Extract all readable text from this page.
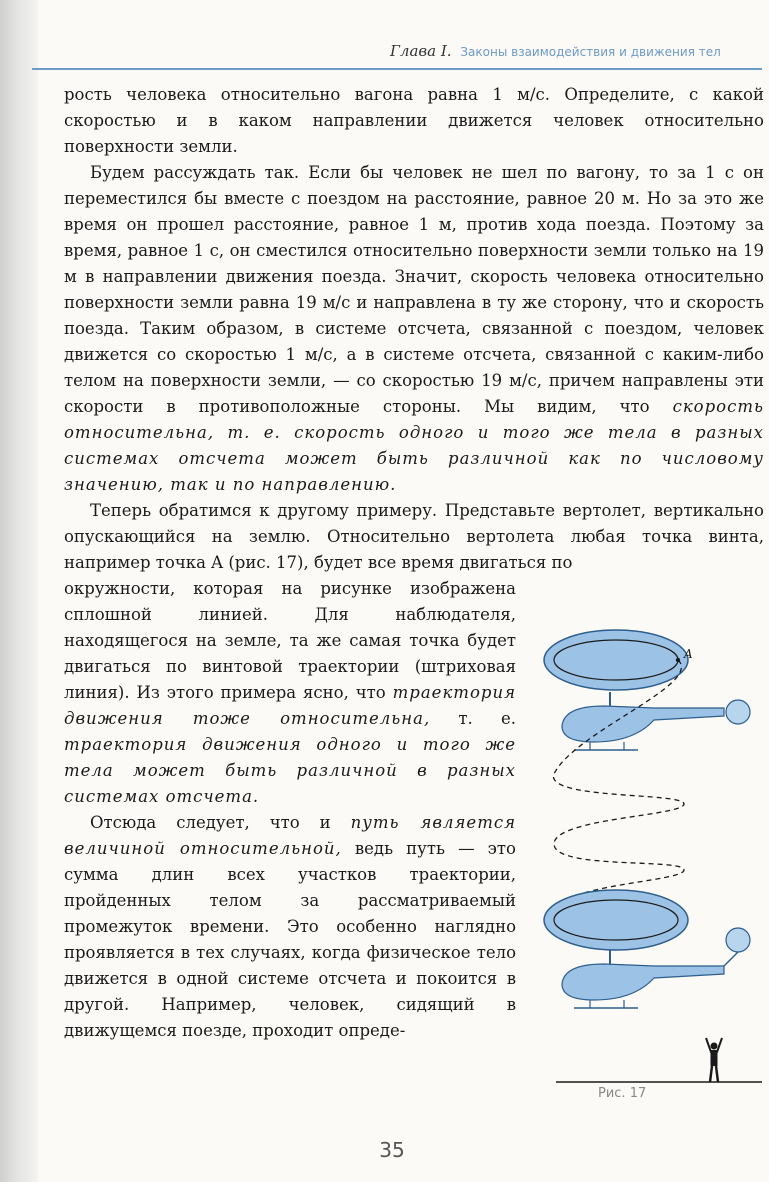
Глава I. Законы взаимодействия и движения тел

рость человека относительно вагона равна 1 м/с. Определите, с какой скоростью и в каком направлении движется человек относительно поверхности земли.

Будем рассуждать так. Если бы человек не шел по вагону, то за 1 с он переместился бы вместе с поездом на расстояние, равное 20 м. Но за это же время он прошел расстояние, равное 1 м, против хода поезда. Поэтому за время, равное 1 с, он сместился относительно поверхности земли только на 19 м в направлении движения поезда. Значит, скорость человека относительно поверхности земли равна 19 м/с и направлена в ту же сторону, что и скорость поезда. Таким образом, в системе отсчета, связанной с поездом, человек движется со скоростью 1 м/с, а в системе отсчета, связанной с каким-либо телом на поверхности земли, — со скоростью 19 м/с, причем направлены эти скорости в противоположные стороны. Мы видим, что скорость относительна, т. е. скорость одного и того же тела в разных системах отсчета может быть различной как по числовому значению, так и по направлению.

Теперь обратимся к другому примеру. Представьте вертолет, вертикально опускающийся на землю. Относительно вертолета любая точка винта, например точка A (рис. 17), будет все время двигаться по

окружности, которая на рисунке изображена сплошной линией. Для наблюдателя, находящегося на земле, та же самая точка будет двигаться по винтовой траектории (штриховая линия). Из этого примера ясно, что траектория движения тоже относительна, т. е. траектория движения одного и того же тела может быть различной в разных системах отсчета.

Отсюда следует, что и путь является величиной относительной, ведь путь — это сумма длин всех участков траектории, пройденных телом за рассматриваемый промежуток времени. Это особенно наглядно проявляется в тех случаях, когда физическое тело движется в одной системе отсчета и покоится в другой. Например, человек, сидящий в движущемся поезде, проходит опреде-

A
Рис. 17
35
